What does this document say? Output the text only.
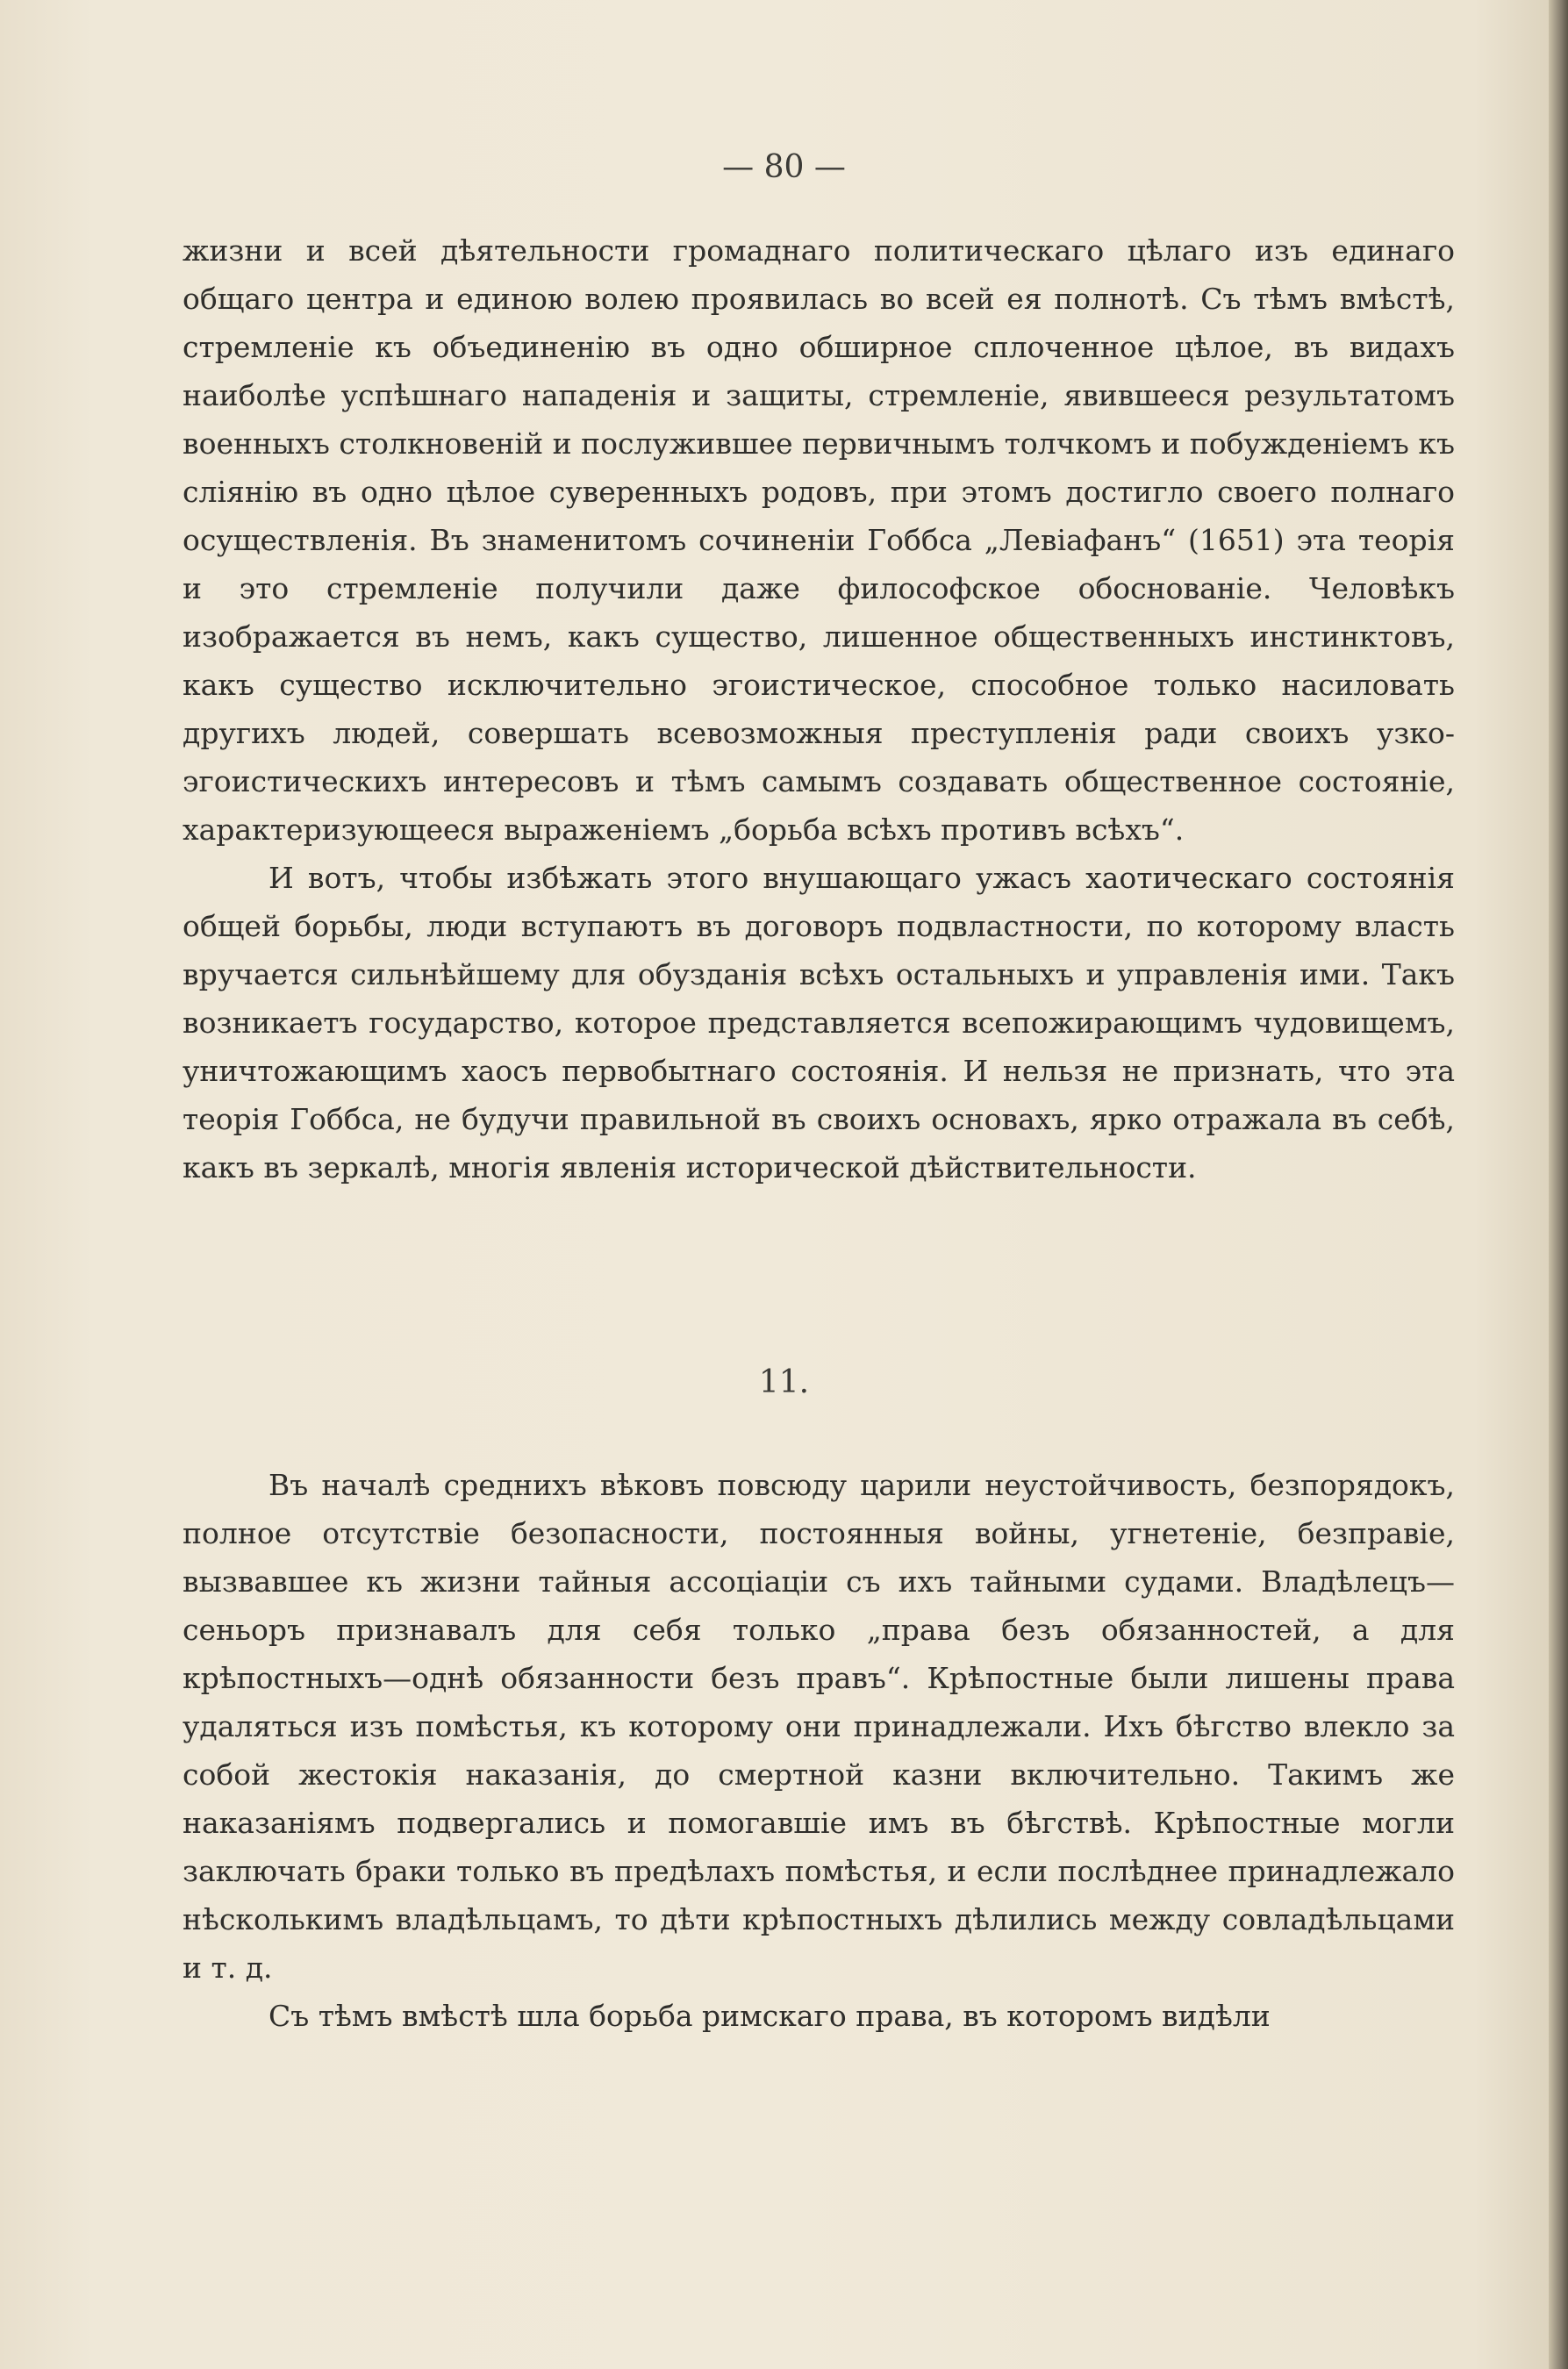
— 80 —

жизни и всей дѣятельности громаднаго политическаго цѣлаго изъ единаго общаго центра и единою волею проявилась во всей ея полнотѣ. Съ тѣмъ вмѣстѣ, стремленіе къ объединенію въ одно обширное сплоченное цѣлое, въ видахъ наиболѣе успѣшнаго нападенія и защиты, стремленіе, явившееся результатомъ военныхъ столкновеній и послужившее первичнымъ толчкомъ и побужденіемъ къ сліянію въ одно цѣлое суверенныхъ родовъ, при этомъ достигло своего полнаго осуществленія. Въ знаменитомъ сочиненіи Гоббса „Левіафанъ“ (1651) эта теорія и это стремленіе получили даже философское обоснованіе. Человѣкъ изображается въ немъ, какъ существо, лишенное общественныхъ инстинктовъ, какъ существо исключительно эгоистическое, способное только насиловать другихъ людей, совершать всевозможныя преступленія ради своихъ узко-эгоистическихъ интересовъ и тѣмъ самымъ создавать общественное состояніе, характеризующееся выраженіемъ „борьба всѣхъ противъ всѣхъ“.

И вотъ, чтобы избѣжать этого внушающаго ужасъ хаотическаго состоянія общей борьбы, люди вступаютъ въ договоръ подвластности, по которому власть вручается сильнѣйшему для обузданія всѣхъ остальныхъ и управленія ими. Такъ возникаетъ государство, которое представляется всепожирающимъ чудовищемъ, уничтожающимъ хаосъ первобытнаго состоянія. И нельзя не признать, что эта теорія Гоббса, не будучи правильной въ своихъ основахъ, ярко отражала въ себѣ, какъ въ зеркалѣ, многія явленія исторической дѣйствительности.

11.

Въ началѣ среднихъ вѣковъ повсюду царили неустойчивость, безпорядокъ, полное отсутствіе безопасности, постоянныя войны, угнетеніе, безправіе, вызвавшее къ жизни тайныя ассоціаціи съ ихъ тайными судами. Владѣлецъ—сеньоръ признавалъ для себя только „права безъ обязанностей, а для крѣпостныхъ—однѣ обязанности безъ правъ“. Крѣпостные были лишены права удаляться изъ помѣстья, къ которому они принадлежали. Ихъ бѣгство влекло за собой жестокія наказанія, до смертной казни включительно. Такимъ же наказаніямъ подвергались и помогавшіе имъ въ бѣгствѣ. Крѣпостные могли заключать браки только въ предѣлахъ помѣстья, и если послѣднее принадлежало нѣсколькимъ владѣльцамъ, то дѣти крѣпостныхъ дѣлились между совладѣльцами и т. д.

Съ тѣмъ вмѣстѣ шла борьба римскаго права, въ которомъ видѣли
